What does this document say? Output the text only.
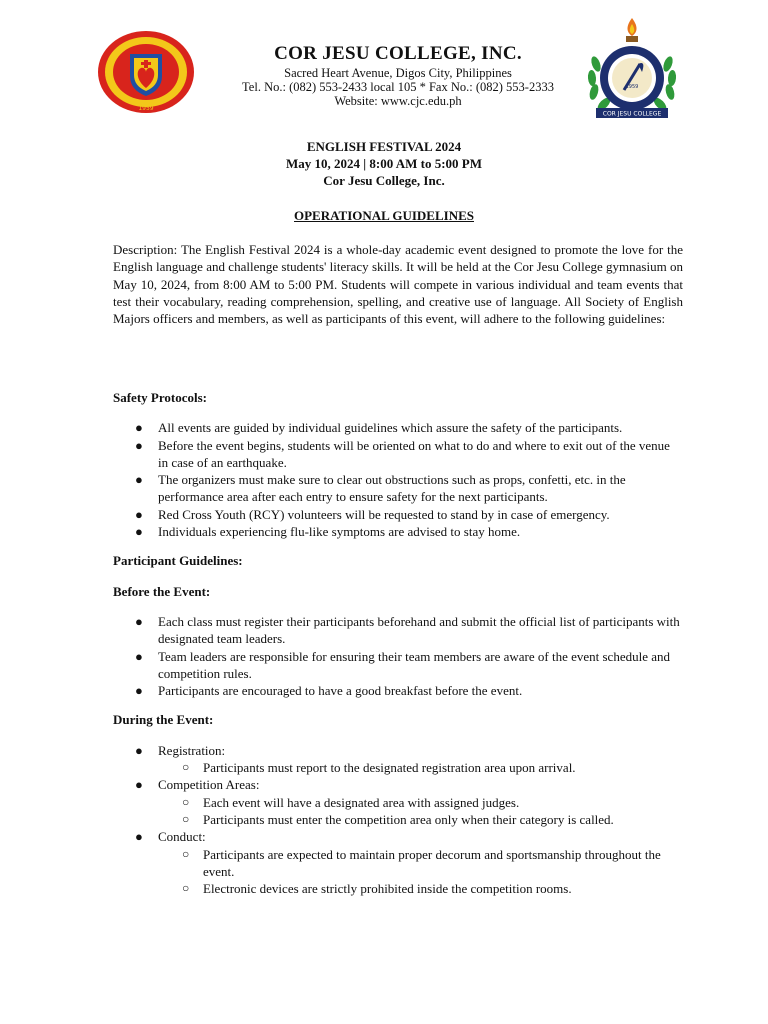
1959
COR JESU COLLEGE, INC.
Sacred Heart Avenue, Digos City, Philippines
Tel. No.: (082) 553-2433 local 105 * Fax No.: (082) 553-2333
Website: www.cjc.edu.ph
1959
COR JESU COLLEGE
ENGLISH FESTIVAL 2024
May 10, 2024 | 8:00 AM to 5:00 PM
Cor Jesu College, Inc.
OPERATIONAL GUIDELINES
Description: The English Festival 2024 is a whole-day academic event designed to promote the love for the English language and challenge students' literacy skills. It will be held at the Cor Jesu College gymnasium on May 10, 2024, from 8:00 AM to 5:00 PM. Students will compete in various individual and team events that test their vocabulary, reading comprehension, spelling, and creative use of language. All Society of English Majors officers and members, as well as participants of this event, will adhere to the following guidelines:

Safety Protocols:

● All events are guided by individual guidelines which assure the safety of the participants.
● Before the event begins, students will be oriented on what to do and where to exit out of the venue in case of an earthquake.
● The organizers must make sure to clear out obstructions such as props, confetti, etc. in the performance area after each entry to ensure safety for the next participants.
● Red Cross Youth (RCY) volunteers will be requested to stand by in case of emergency.
● Individuals experiencing flu-like symptoms are advised to stay home.

Participant Guidelines:

Before the Event:

● Each class must register their participants beforehand and submit the official list of participants with designated team leaders.
● Team leaders are responsible for ensuring their team members are aware of the event schedule and competition rules.
● Participants are encouraged to have a good breakfast before the event.

During the Event:

● Registration:
○ Participants must report to the designated registration area upon arrival.
● Competition Areas:
○ Each event will have a designated area with assigned judges.
○ Participants must enter the competition area only when their category is called.
● Conduct:
○ Participants are expected to maintain proper decorum and sportsmanship throughout the event.
○ Electronic devices are strictly prohibited inside the competition rooms.
